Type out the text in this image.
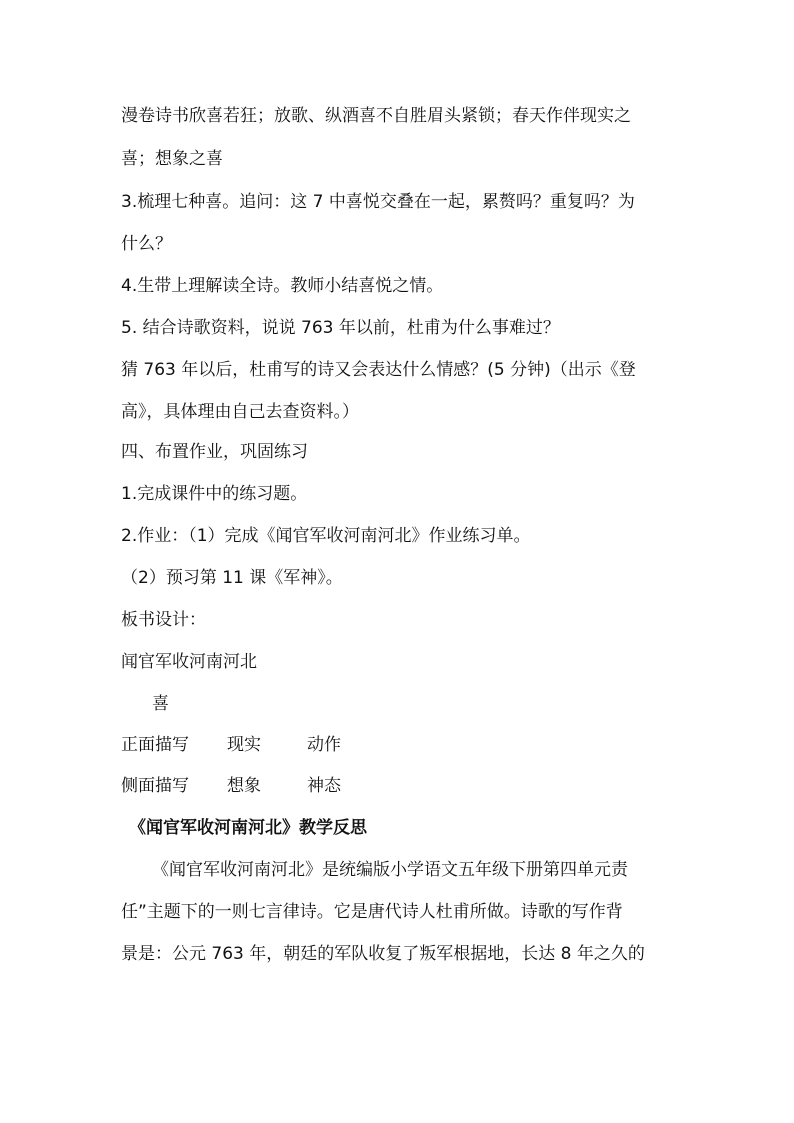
漫卷诗书欣喜若狂；放歌、纵酒喜不自胜眉头紧锁；春天作伴现实之
喜；想象之喜
3.梳理七种喜。追问：这 7 中喜悦交叠在一起，累赘吗？重复吗？为
什么？
4.生带上理解读全诗。教师小结喜悦之情。
5. 结合诗歌资料，说说 763 年以前，杜甫为什么事难过？
猜 763 年以后，杜甫写的诗又会表达什么情感？(5 分钟)（出示《登
高》，具体理由自己去查资料。）
四、布置作业，巩固练习
1.完成课件中的练习题。
2.作业：（1）完成《闻官军收河南河北》作业练习单。
（2）预习第 11 课《军神》。
板书设计：
闻官军收河南河北
喜
正面描写 现实	动作
侧面描写 想象	神态
《闻官军收河南河北》教学反思
《闻官军收河南河北》是统编版小学语文五年级下册第四单元责
任”主题下的一则七言律诗。它是唐代诗人杜甫所做。诗歌的写作背
景是：公元 763 年，朝廷的军队收复了叛军根据地，长达 8 年之久的
